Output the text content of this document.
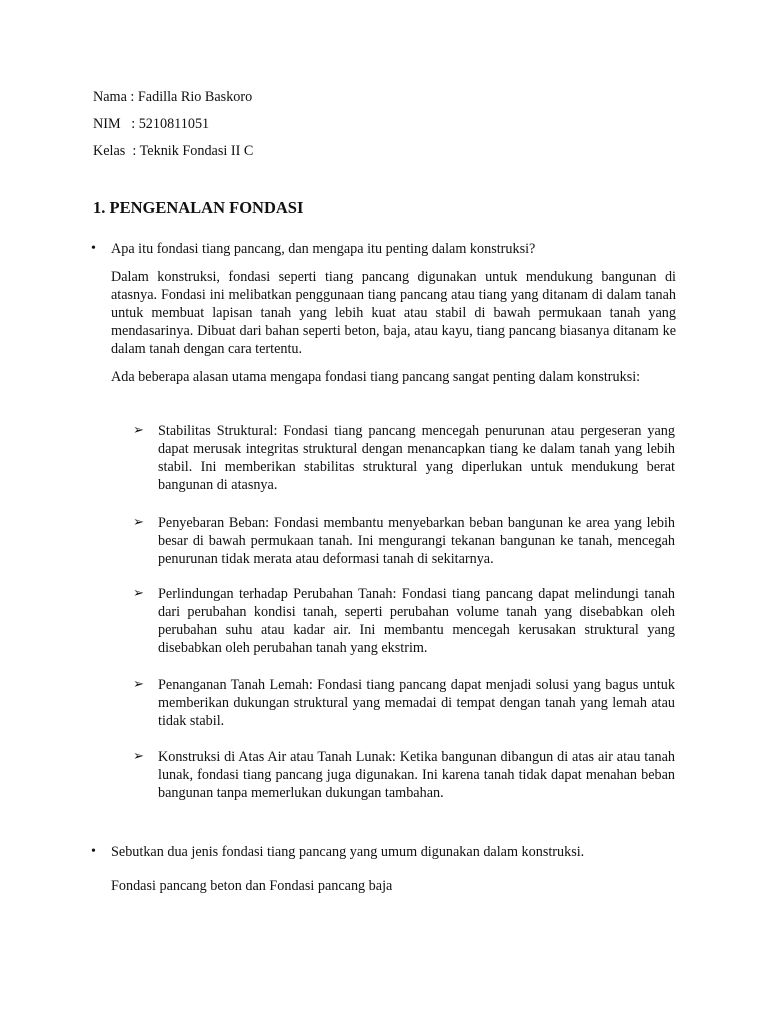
Nama : Fadilla Rio Baskoro
NIM   : 5210811051
Kelas  : Teknik Fondasi II C
1. PENGENALAN FONDASI
• Apa itu fondasi tiang pancang, dan mengapa itu penting dalam konstruksi?
Dalam konstruksi, fondasi seperti tiang pancang digunakan untuk mendukung bangunan di atasnya. Fondasi ini melibatkan penggunaan tiang pancang atau tiang yang ditanam di dalam tanah untuk membuat lapisan tanah yang lebih kuat atau stabil di bawah permukaan tanah yang mendasarinya. Dibuat dari bahan seperti beton, baja, atau kayu, tiang pancang biasanya ditanam ke dalam tanah dengan cara tertentu.
Ada beberapa alasan utama mengapa fondasi tiang pancang sangat penting dalam konstruksi:
➢ Stabilitas Struktural: Fondasi tiang pancang mencegah penurunan atau pergeseran yang dapat merusak integritas struktural dengan menancapkan tiang ke dalam tanah yang lebih stabil. Ini memberikan stabilitas struktural yang diperlukan untuk mendukung berat bangunan di atasnya.
➢ Penyebaran Beban: Fondasi membantu menyebarkan beban bangunan ke area yang lebih besar di bawah permukaan tanah. Ini mengurangi tekanan bangunan ke tanah, mencegah penurunan tidak merata atau deformasi tanah di sekitarnya.
➢ Perlindungan terhadap Perubahan Tanah: Fondasi tiang pancang dapat melindungi tanah dari perubahan kondisi tanah, seperti perubahan volume tanah yang disebabkan oleh perubahan suhu atau kadar air. Ini membantu mencegah kerusakan struktural yang disebabkan oleh perubahan tanah yang ekstrim.
➢ Penanganan Tanah Lemah: Fondasi tiang pancang dapat menjadi solusi yang bagus untuk memberikan dukungan struktural yang memadai di tempat dengan tanah yang lemah atau tidak stabil.
➢ Konstruksi di Atas Air atau Tanah Lunak: Ketika bangunan dibangun di atas air atau tanah lunak, fondasi tiang pancang juga digunakan. Ini karena tanah tidak dapat menahan beban bangunan tanpa memerlukan dukungan tambahan.
• Sebutkan dua jenis fondasi tiang pancang yang umum digunakan dalam konstruksi.
Fondasi pancang beton dan Fondasi pancang baja
